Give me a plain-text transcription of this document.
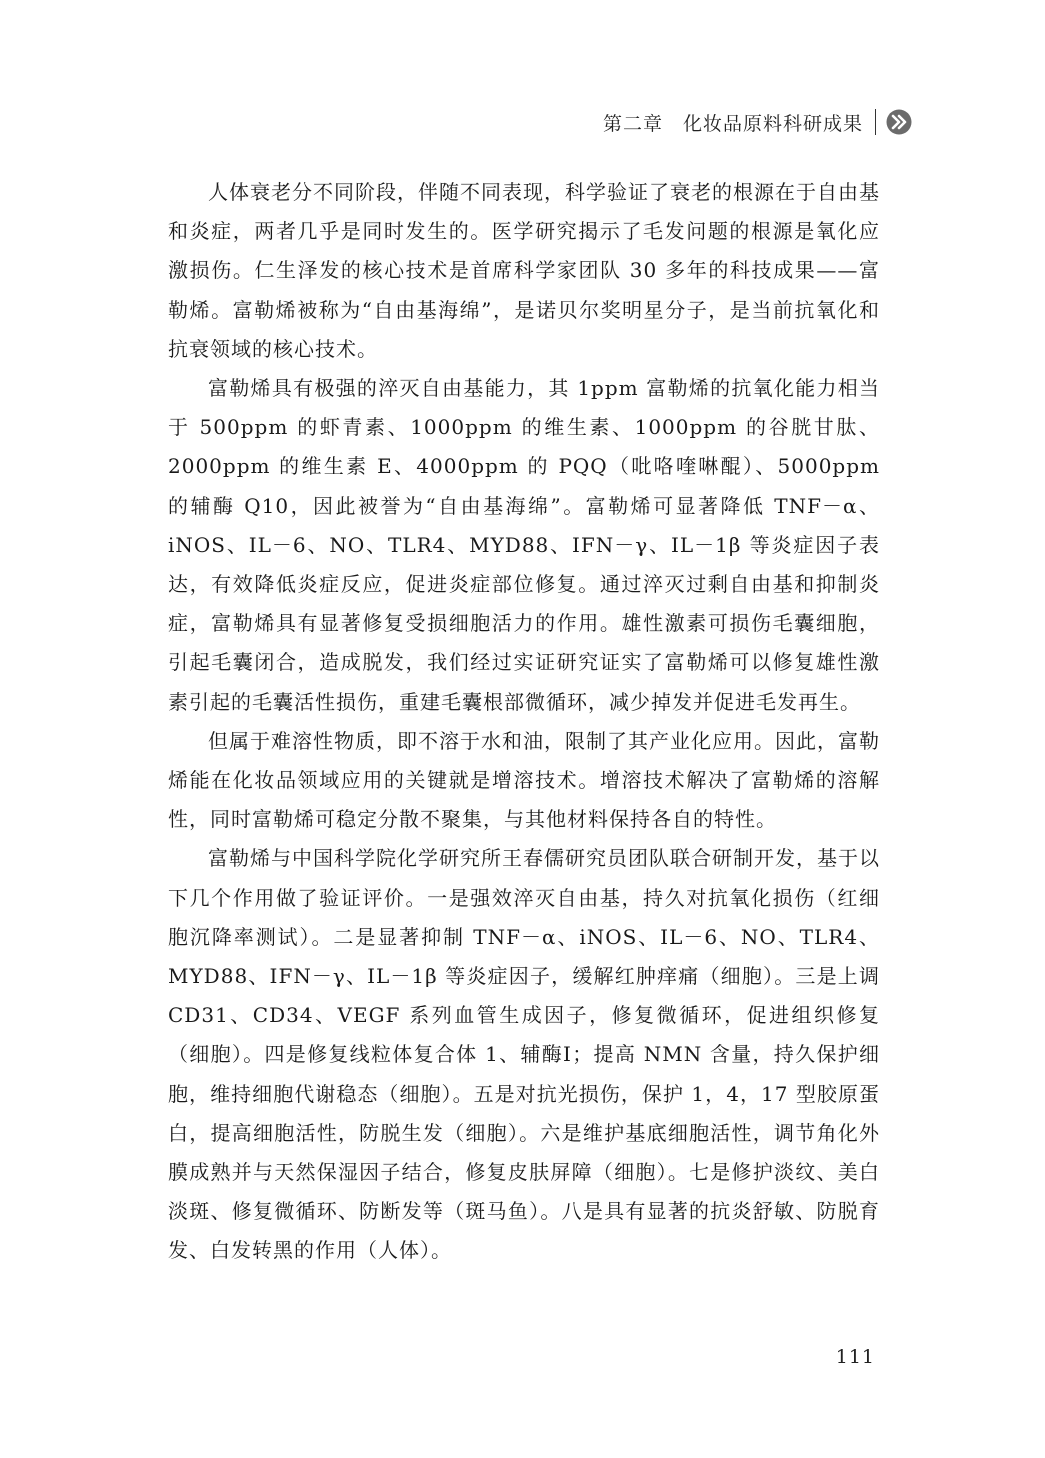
第二章 化妆品原料科研成果

人体衰老分不同阶段，伴随不同表现，科学验证了衰老的根源在于自由基和炎症，两者几乎是同时发生的。医学研究揭示了毛发问题的根源是氧化应激损伤。仁生泽发的核心技术是首席科学家团队 30 多年的科技成果——富勒烯。富勒烯被称为“自由基海绵”，是诺贝尔奖明星分子，是当前抗氧化和抗衰领域的核心技术。

富勒烯具有极强的淬灭自由基能力，其 1ppm 富勒烯的抗氧化能力相当于 500ppm 的虾青素、1000ppm 的维生素、1000ppm 的谷胱甘肽、2000ppm 的维生素 E、4000ppm 的 PQQ（吡咯喹啉醌）、5000ppm 的辅酶 Q10，因此被誉为“自由基海绵”。富勒烯可显著降低 TNF－α、iNOS、IL－6、NO、TLR4、MYD88、IFN－γ、IL－1β 等炎症因子表达，有效降低炎症反应，促进炎症部位修复。通过淬灭过剩自由基和抑制炎症，富勒烯具有显著修复受损细胞活力的作用。雄性激素可损伤毛囊细胞，引起毛囊闭合，造成脱发，我们经过实证研究证实了富勒烯可以修复雄性激素引起的毛囊活性损伤，重建毛囊根部微循环，减少掉发并促进毛发再生。

但属于难溶性物质，即不溶于水和油，限制了其产业化应用。因此，富勒烯能在化妆品领域应用的关键就是增溶技术。增溶技术解决了富勒烯的溶解性，同时富勒烯可稳定分散不聚集，与其他材料保持各自的特性。

富勒烯与中国科学院化学研究所王春儒研究员团队联合研制开发，基于以下几个作用做了验证评价。一是强效淬灭自由基，持久对抗氧化损伤（红细胞沉降率测试）。二是显著抑制 TNF－α、iNOS、IL－6、NO、TLR4、MYD88、IFN－γ、IL－1β 等炎症因子，缓解红肿痒痛（细胞）。三是上调 CD31、CD34、VEGF 系列血管生成因子，修复微循环，促进组织修复（细胞）。四是修复线粒体复合体 1、辅酶Ⅰ；提高 NMN 含量，持久保护细胞，维持细胞代谢稳态（细胞）。五是对抗光损伤，保护 1，4，17 型胶原蛋白，提高细胞活性，防脱生发（细胞）。六是维护基底细胞活性，调节角化外膜成熟并与天然保湿因子结合，修复皮肤屏障（细胞）。七是修护淡纹、美白淡斑、修复微循环、防断发等（斑马鱼）。八是具有显著的抗炎舒敏、防脱育发、白发转黑的作用（人体）。

111
